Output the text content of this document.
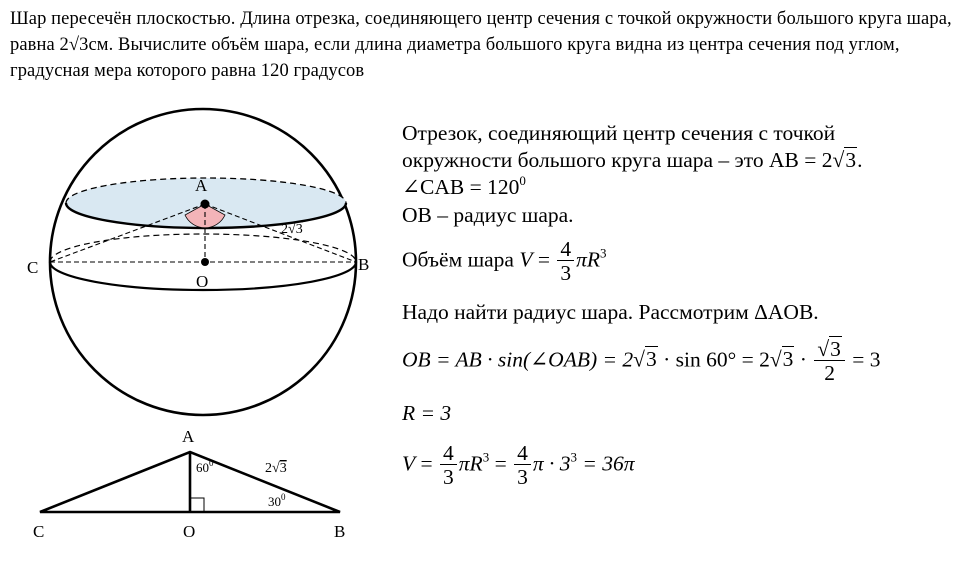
Шар пересечён плоскостью. Длина отрезка, соединяющего центр сечения с точкой окружности большого круга шара, равна 2√3см. Вычислите объём шара, если длина диаметра большого круга видна из центра сечения под углом, градусная мера которого равна 120 градусов
A
O
C	B
2√3
A
C	O	B
$60^0$
$30^0$
2√3
Отрезок, соединяющий центр сечения с точкой
окружности большого круга шара – это AB = 2√3.
∠CAB = $120^0$
OB – радиус шара.
Объём шара $V = \frac{4}{3} \pi R^3$
Надо найти радиус шара. Рассмотрим ΔAOB.
OB = AB · sin(∠OAB) = $2√3 \cdot \sin 60^\circ = 2√3 \cdot \frac{√3}{2} = 3$
R = 3
$V = \frac{4}{3} \pi R^3 = \frac{4}{3}$ $\pi \cdot 3^3 = 36\pi$
